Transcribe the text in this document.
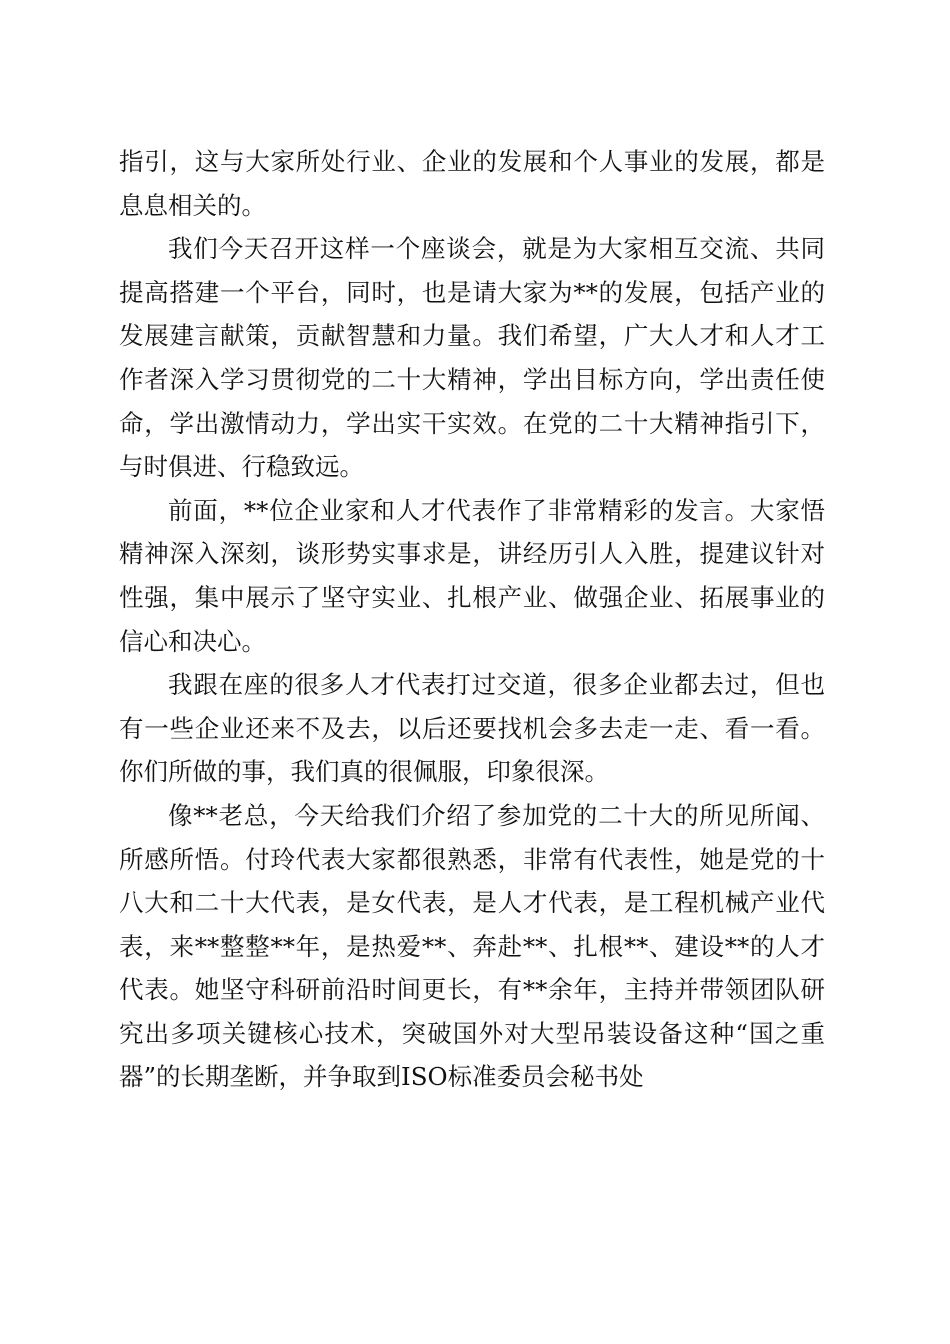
指引，这与大家所处行业、企业的发展和个人事业的发展，都是息息相关的。

我们今天召开这样一个座谈会，就是为大家相互交流、共同提高搭建一个平台，同时，也是请大家为**的发展，包括产业的发展建言献策，贡献智慧和力量。我们希望，广大人才和人才工作者深入学习贯彻党的二十大精神，学出目标方向，学出责任使命，学出激情动力，学出实干实效。在党的二十大精神指引下，与时俱进、行稳致远。

前面，**位企业家和人才代表作了非常精彩的发言。大家悟精神深入深刻，谈形势实事求是，讲经历引人入胜，提建议针对性强，集中展示了坚守实业、扎根产业、做强企业、拓展事业的信心和决心。

我跟在座的很多人才代表打过交道，很多企业都去过，但也有一些企业还来不及去，以后还要找机会多去走一走、看一看。你们所做的事，我们真的很佩服，印象很深。

像**老总，今天给我们介绍了参加党的二十大的所见所闻、所感所悟。付玲代表大家都很熟悉，非常有代表性，她是党的十八大和二十大代表，是女代表，是人才代表，是工程机械产业代表，来**整整**年，是热爱**、奔赴**、扎根**、建设**的人才代表。她坚守科研前沿时间更长，有**余年，主持并带领团队研究出多项关键核心技术，突破国外对大型吊装设备这种“国之重器”的长期垄断，并争取到ISO标准委员会秘书处
